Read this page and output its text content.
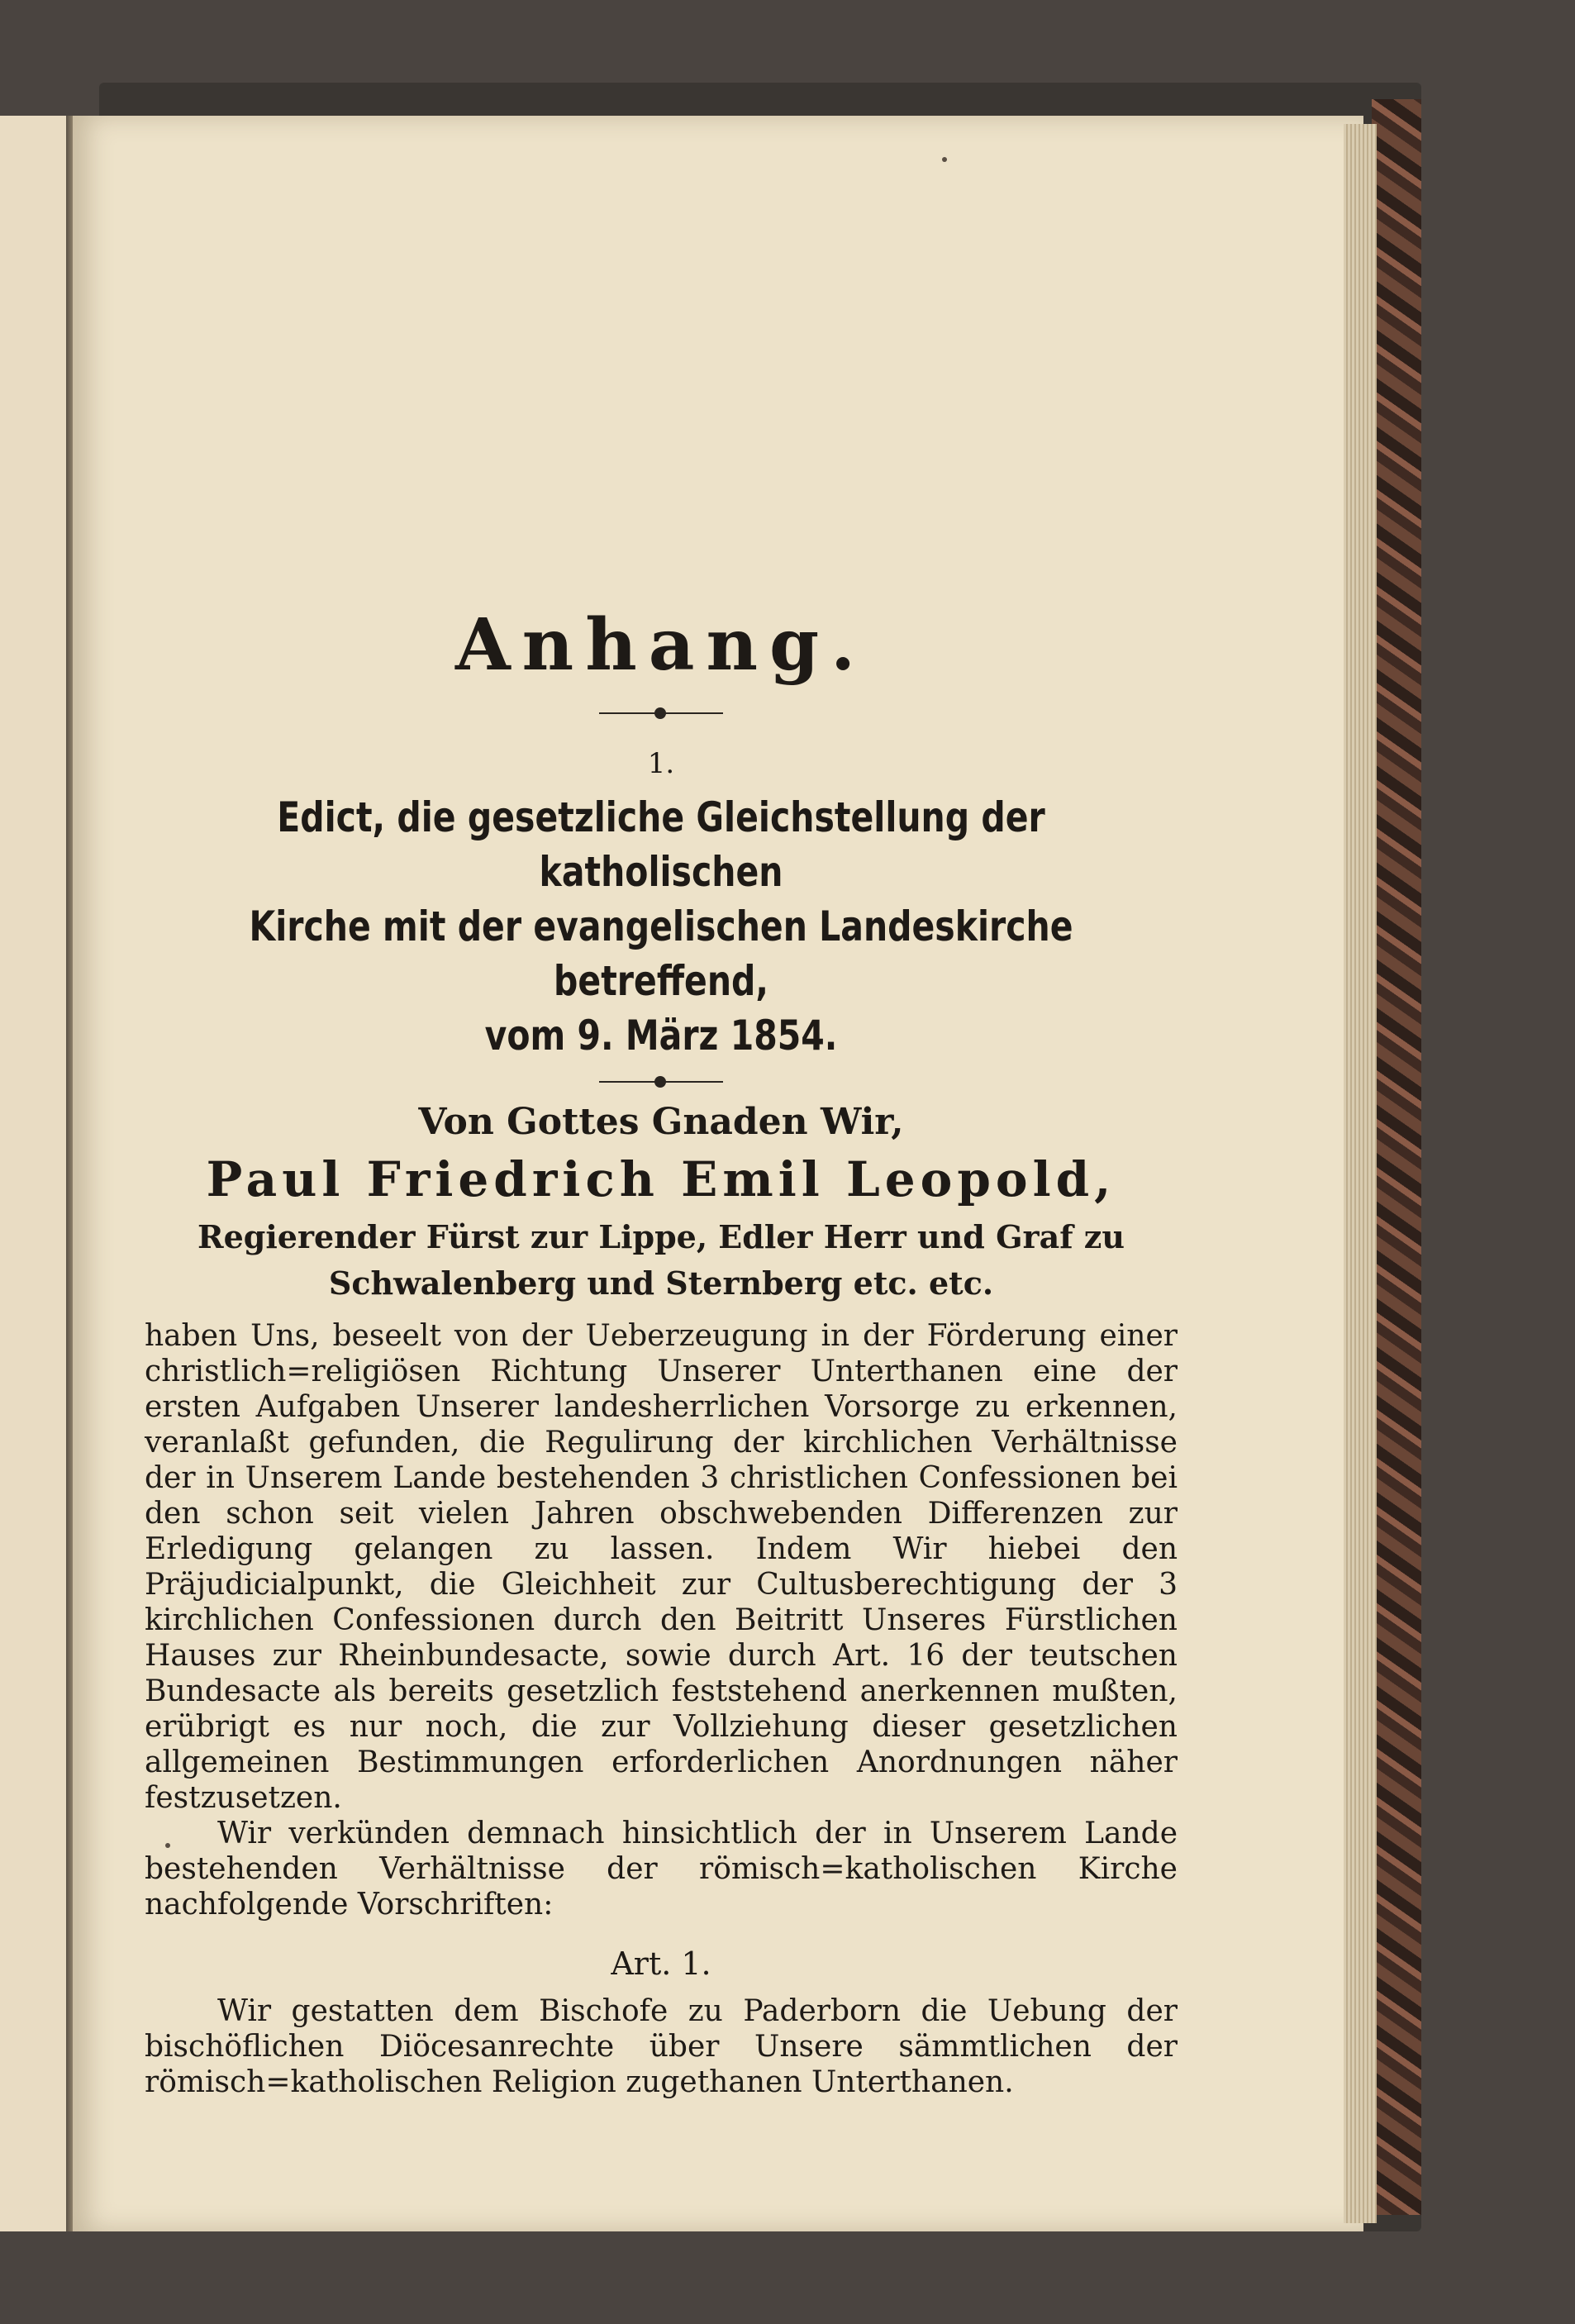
Anhang.
1.
Edict, die gesetzliche Gleichstellung der katholischen
Kirche mit der evangelischen Landeskirche betreffend,
vom 9. März 1854.
Von Gottes Gnaden Wir,
Paul Friedrich Emil Leopold,
Regierender Fürst zur Lippe, Edler Herr und Graf zu
Schwalenberg und Sternberg etc. etc.

haben Uns, beseelt von der Ueberzeugung in der Förderung einer christlich=religiösen Richtung Unserer Unterthanen eine der ersten Aufgaben Unserer landesherrlichen Vorsorge zu erkennen, veranlaßt gefunden, die Regulirung der kirchlichen Verhältnisse der in Unserem Lande bestehenden 3 christlichen Confessionen bei den schon seit vielen Jahren obschwebenden Differenzen zur Erledigung gelangen zu lassen. Indem Wir hiebei den Präjudicialpunkt, die Gleichheit zur Cultusberechtigung der 3 kirchlichen Confessionen durch den Beitritt Unseres Fürstlichen Hauses zur Rheinbundesacte, sowie durch Art. 16 der teutschen Bundesacte als bereits gesetzlich feststehend anerkennen mußten, erübrigt es nur noch, die zur Vollziehung dieser gesetzlichen allgemeinen Bestimmungen erforderlichen Anordnungen näher festzusetzen.

Wir verkünden demnach hinsichtlich der in Unserem Lande bestehenden Verhältnisse der römisch=katholischen Kirche nachfolgende Vorschriften:

Art. 1.

Wir gestatten dem Bischofe zu Paderborn die Uebung der bischöflichen Diöcesanrechte über Unsere sämmtlichen der römisch=katholischen Religion zugethanen Unterthanen.
